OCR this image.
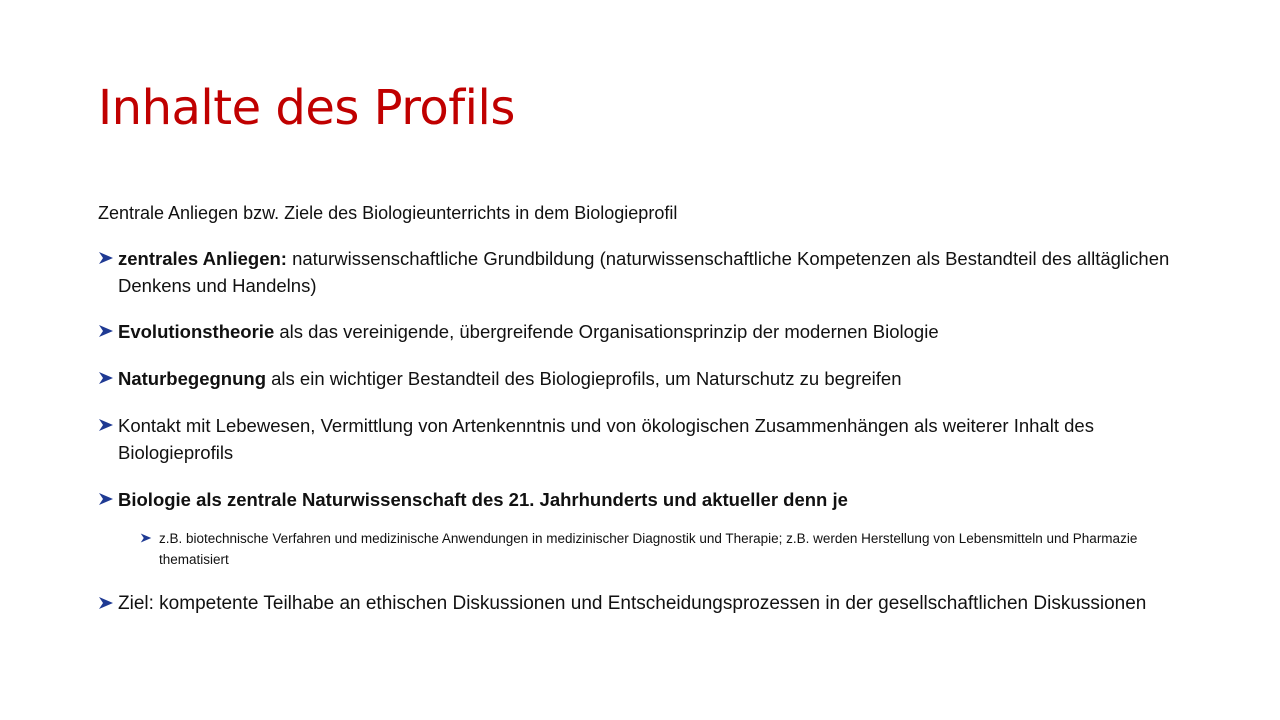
Inhalte des Profils

Zentrale Anliegen bzw. Ziele des Biologieunterrichts in dem Biologieprofil

zentrales Anliegen: naturwissenschaftliche Grundbildung (naturwissenschaftliche Kompetenzen als Bestandteil des alltäglichen Denkens und Handelns)
Evolutionstheorie als das vereinigende, übergreifende Organisationsprinzip der modernen Biologie
Naturbegegnung als ein wichtiger Bestandteil des Biologieprofils, um Naturschutz zu begreifen
Kontakt mit Lebewesen, Vermittlung von Artenkenntnis und von ökologischen Zusammenhängen als weiterer Inhalt des Biologieprofils
Biologie als zentrale Naturwissenschaft des 21. Jahrhunderts und aktueller denn je
z.B. biotechnische Verfahren und medizinische Anwendungen in medizinischer Diagnostik und Therapie; z.B. werden Herstellung von Lebensmitteln und Pharmazie thematisiert
Ziel: kompetente Teilhabe an ethischen Diskussionen und Entscheidungsprozessen in der gesellschaftlichen Diskussionen
